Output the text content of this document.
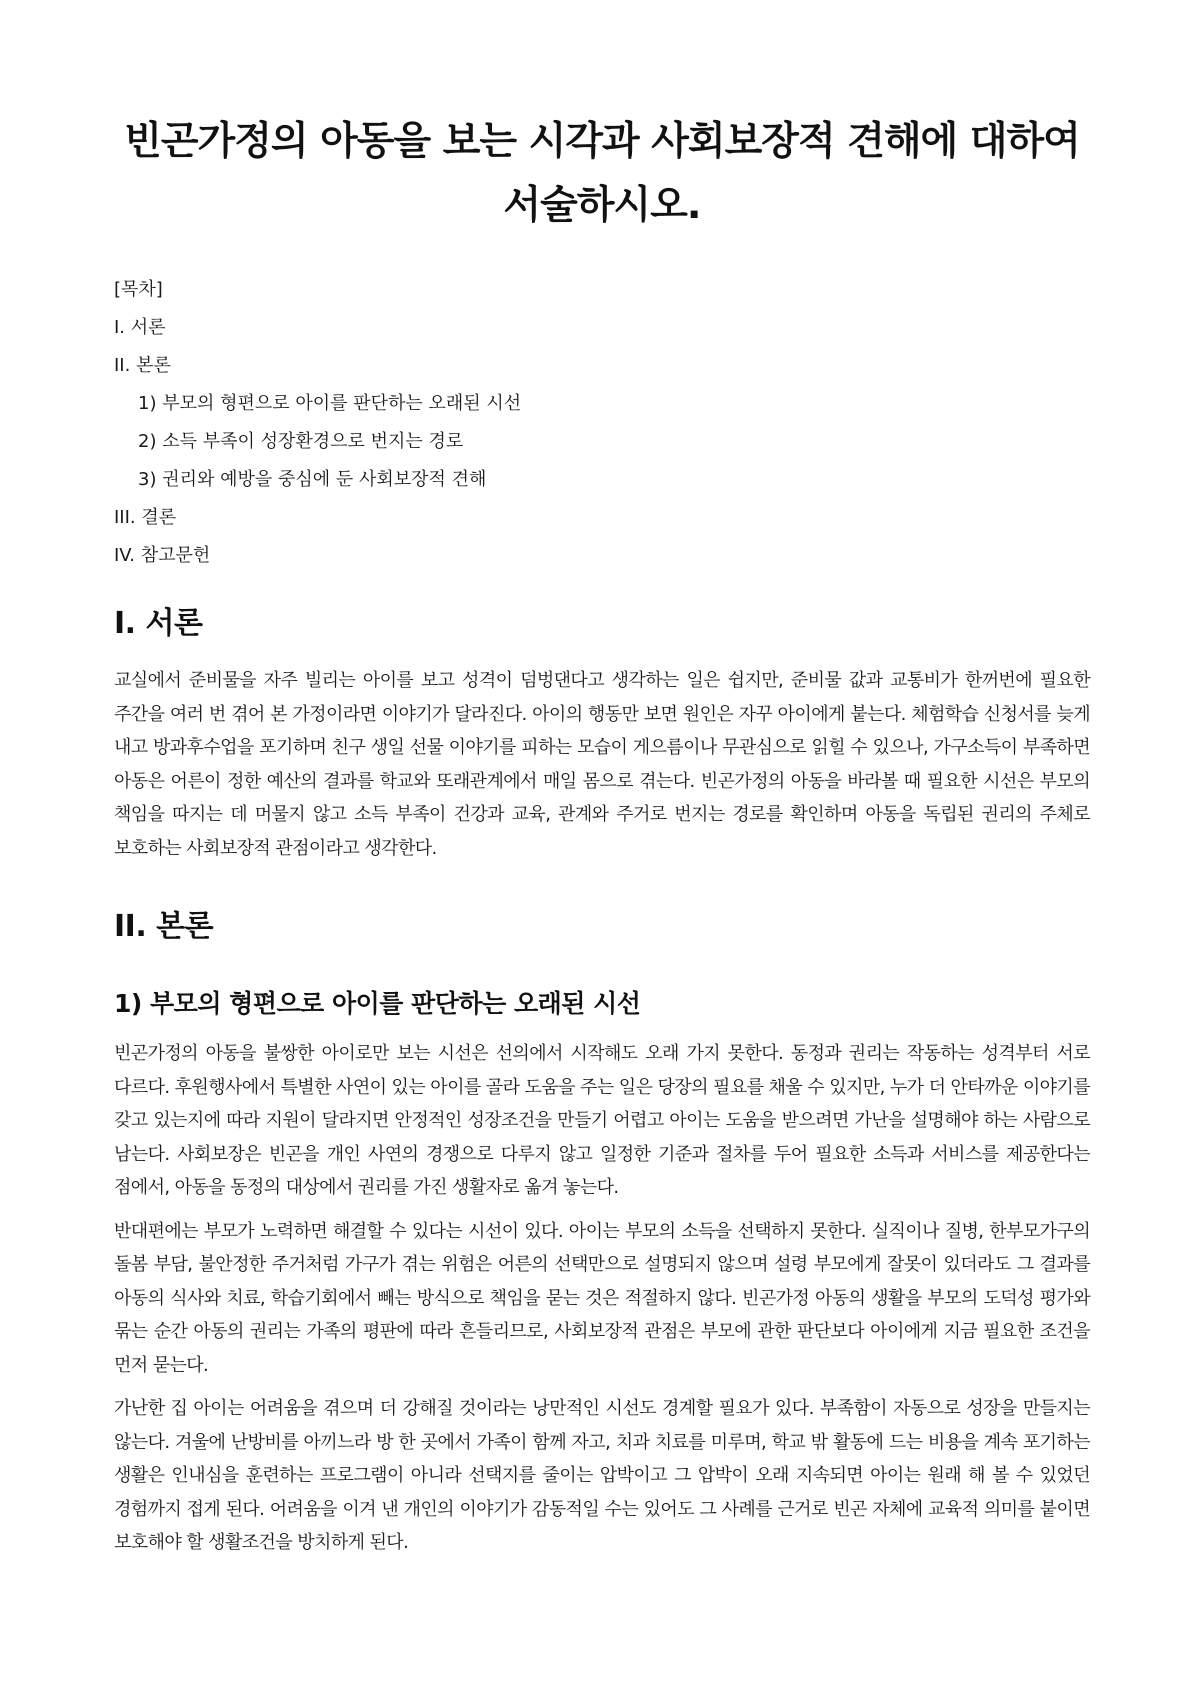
빈곤가정의 아동을 보는 시각과 사회보장적 견해에 대하여 서술하시오.
[목차]
I. 서론
II. 본론
1) 부모의 형편으로 아이를 판단하는 오래된 시선
2) 소득 부족이 성장환경으로 번지는 경로
3) 권리와 예방을 중심에 둔 사회보장적 견해
III. 결론
IV. 참고문헌
I. 서론

교실에서 준비물을 자주 빌리는 아이를 보고 성격이 덤벙댄다고 생각하는 일은 쉽지만, 준비물 값과 교통비가 한꺼번에 필요한 주간을 여러 번 겪어 본 가정이라면 이야기가 달라진다. 아이의 행동만 보면 원인은 자꾸 아이에게 붙는다. 체험학습 신청서를 늦게 내고 방과후수업을 포기하며 친구 생일 선물 이야기를 피하는 모습이 게으름이나 무관심으로 읽힐 수 있으나, 가구소득이 부족하면 아동은 어른이 정한 예산의 결과를 학교와 또래관계에서 매일 몸으로 겪는다. 빈곤가정의 아동을 바라볼 때 필요한 시선은 부모의 책임을 따지는 데 머물지 않고 소득 부족이 건강과 교육, 관계와 주거로 번지는 경로를 확인하며 아동을 독립된 권리의 주체로 보호하는 사회보장적 관점이라고 생각한다.

II. 본론
1) 부모의 형편으로 아이를 판단하는 오래된 시선

빈곤가정의 아동을 불쌍한 아이로만 보는 시선은 선의에서 시작해도 오래 가지 못한다. 동정과 권리는 작동하는 성격부터 서로 다르다. 후원행사에서 특별한 사연이 있는 아이를 골라 도움을 주는 일은 당장의 필요를 채울 수 있지만, 누가 더 안타까운 이야기를 갖고 있는지에 따라 지원이 달라지면 안정적인 성장조건을 만들기 어렵고 아이는 도움을 받으려면 가난을 설명해야 하는 사람으로 남는다. 사회보장은 빈곤을 개인 사연의 경쟁으로 다루지 않고 일정한 기준과 절차를 두어 필요한 소득과 서비스를 제공한다는 점에서, 아동을 동정의 대상에서 권리를 가진 생활자로 옮겨 놓는다.

반대편에는 부모가 노력하면 해결할 수 있다는 시선이 있다. 아이는 부모의 소득을 선택하지 못한다. 실직이나 질병, 한부모가구의 돌봄 부담, 불안정한 주거처럼 가구가 겪는 위험은 어른의 선택만으로 설명되지 않으며 설령 부모에게 잘못이 있더라도 그 결과를 아동의 식사와 치료, 학습기회에서 빼는 방식으로 책임을 묻는 것은 적절하지 않다. 빈곤가정 아동의 생활을 부모의 도덕성 평가와 묶는 순간 아동의 권리는 가족의 평판에 따라 흔들리므로, 사회보장적 관점은 부모에 관한 판단보다 아이에게 지금 필요한 조건을 먼저 묻는다.

가난한 집 아이는 어려움을 겪으며 더 강해질 것이라는 낭만적인 시선도 경계할 필요가 있다. 부족함이 자동으로 성장을 만들지는 않는다. 겨울에 난방비를 아끼느라 방 한 곳에서 가족이 함께 자고, 치과 치료를 미루며, 학교 밖 활동에 드는 비용을 계속 포기하는 생활은 인내심을 훈련하는 프로그램이 아니라 선택지를 줄이는 압박이고 그 압박이 오래 지속되면 아이는 원래 해 볼 수 있었던 경험까지 접게 된다. 어려움을 이겨 낸 개인의 이야기가 감동적일 수는 있어도 그 사례를 근거로 빈곤 자체에 교육적 의미를 붙이면 보호해야 할 생활조건을 방치하게 된다.
